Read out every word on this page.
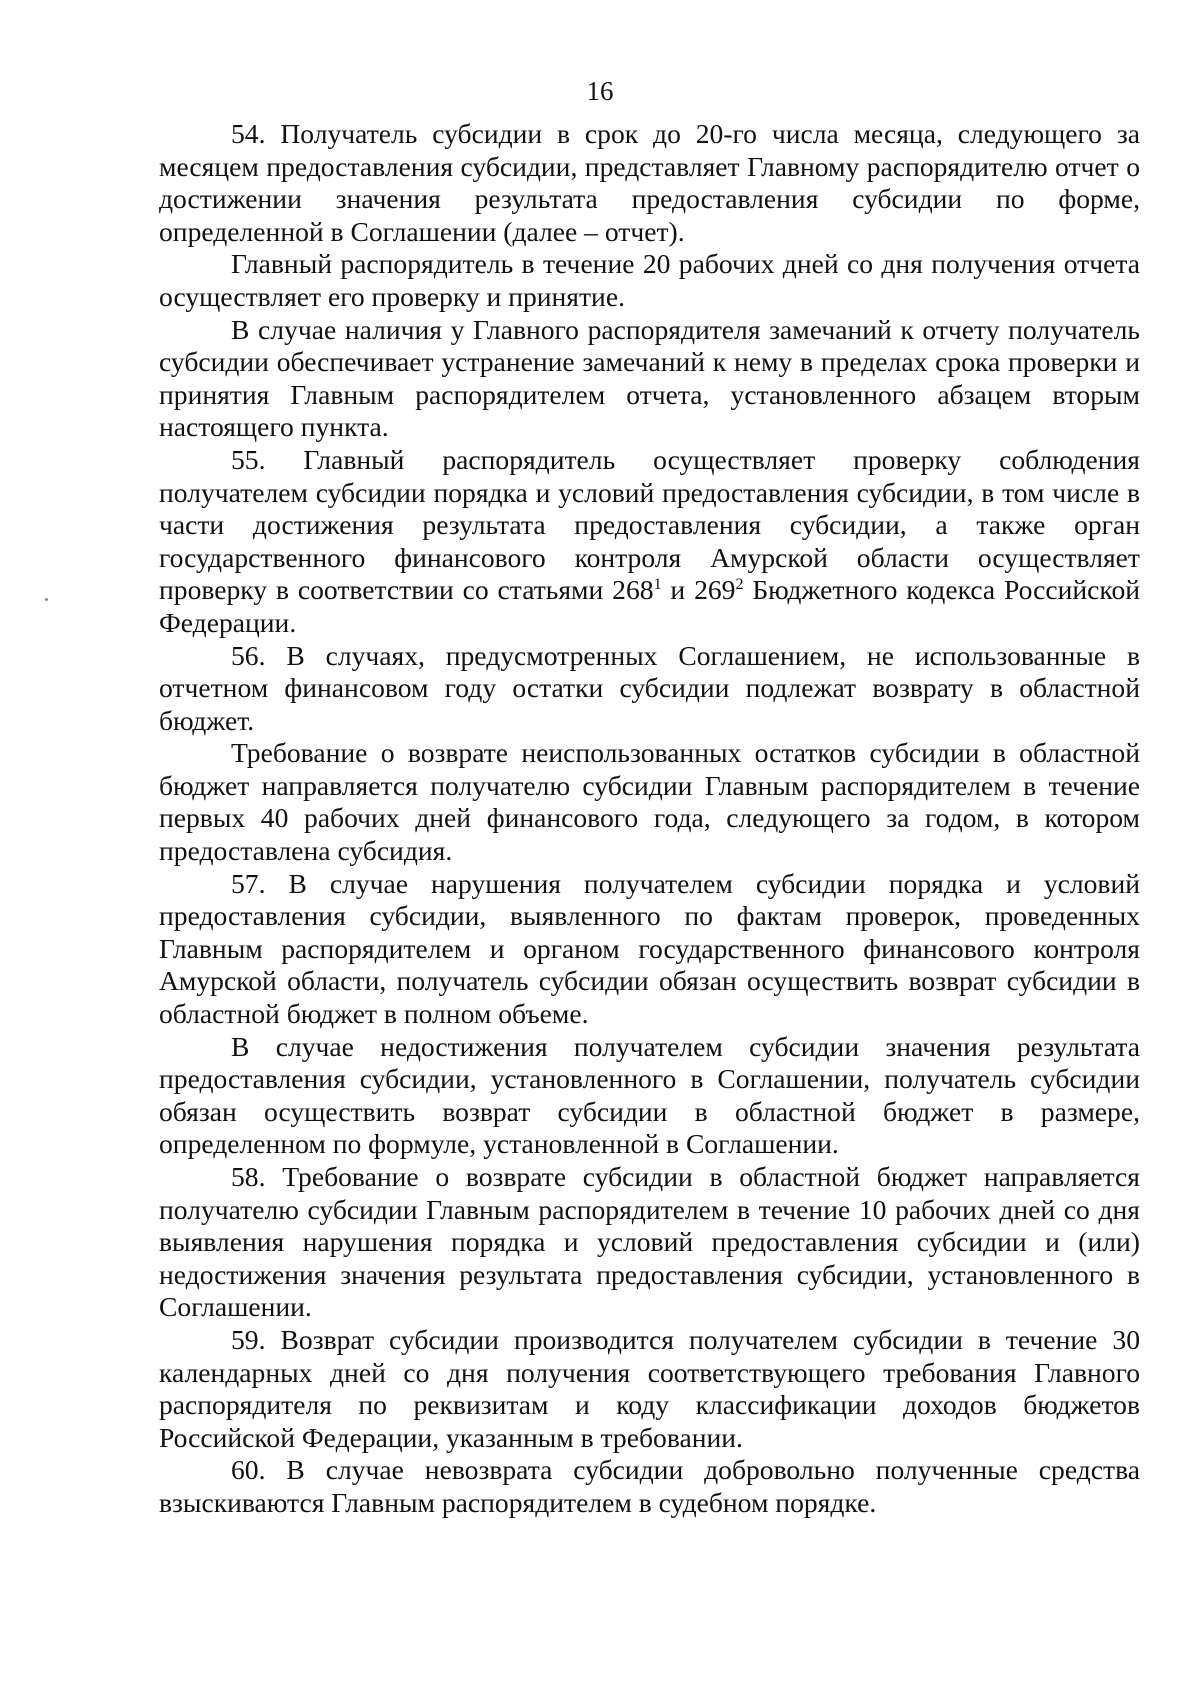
16

54. Получатель субсидии в срок до 20-го числа месяца, следующего за месяцем предоставления субсидии, представляет Главному распорядителю отчет о достижении значения результата предоставления субсидии по форме, определенной в Соглашении (далее – отчет).

Главный распорядитель в течение 20 рабочих дней со дня получения отчета осуществляет его проверку и принятие.

В случае наличия у Главного распорядителя замечаний к отчету получатель субсидии обеспечивает устранение замечаний к нему в пределах срока проверки и принятия Главным распорядителем отчета, установленного абзацем вторым настоящего пункта.

55. Главный распорядитель осуществляет проверку соблюдения получателем субсидии порядка и условий предоставления субсидии, в том числе в части достижения результата предоставления субсидии, а также орган государственного финансового контроля Амурской области осуществляет проверку в соответствии со статьями $268^1$ и $269^2$ Бюджетного кодекса Российской Федерации.

56. В случаях, предусмотренных Соглашением, не использованные в отчетном финансовом году остатки субсидии подлежат возврату в областной бюджет.

Требование о возврате неиспользованных остатков субсидии в областной бюджет направляется получателю субсидии Главным распорядителем в течение первых 40 рабочих дней финансового года, следующего за годом, в котором предоставлена субсидия.

57. В случае нарушения получателем субсидии порядка и условий предоставления субсидии, выявленного по фактам проверок, проведенных Главным распорядителем и органом государственного финансового контроля Амурской области, получатель субсидии обязан осуществить возврат субсидии в областной бюджет в полном объеме.

В случае недостижения получателем субсидии значения результата предоставления субсидии, установленного в Соглашении, получатель субсидии обязан осуществить возврат субсидии в областной бюджет в размере, определенном по формуле, установленной в Соглашении.

58. Требование о возврате субсидии в областной бюджет направляется получателю субсидии Главным распорядителем в течение 10 рабочих дней со дня выявления нарушения порядка и условий предоставления субсидии и (или) недостижения значения результата предоставления субсидии, установленного в Соглашении.

59. Возврат субсидии производится получателем субсидии в течение 30 календарных дней со дня получения соответствующего требования Главного распорядителя по реквизитам и коду классификации доходов бюджетов Российской Федерации, указанным в требовании.

60. В случае невозврата субсидии добровольно полученные средства взыскиваются Главным распорядителем в судебном порядке.
